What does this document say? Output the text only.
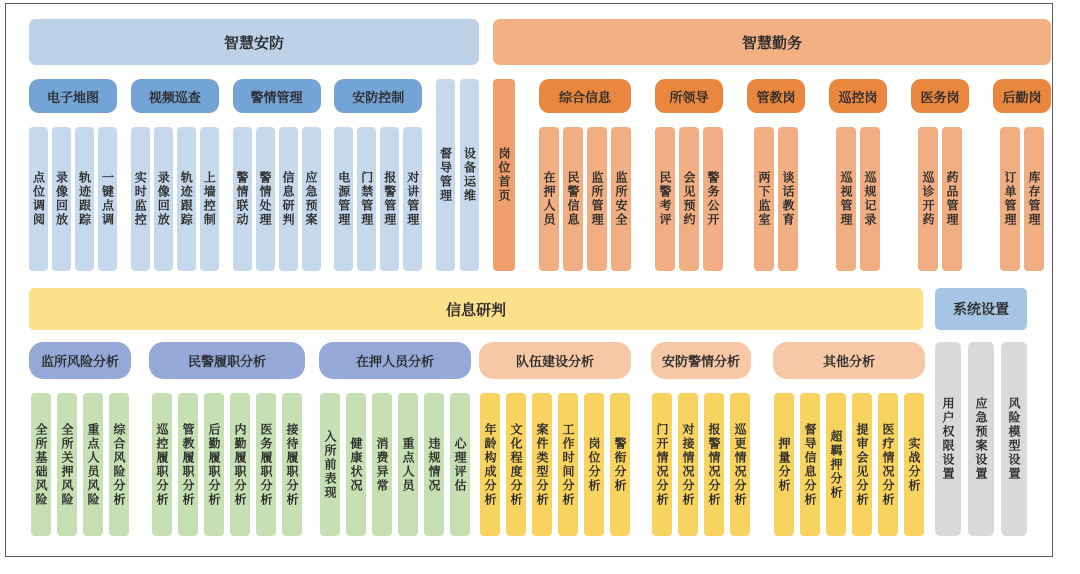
智慧安防
电子地图
点位调阅 录像回放 轨迹跟踪 一键点调
视频巡查
实时监控 录像回放 轨迹跟踪 上墙控制
警情管理
警情联动 警情处理 信息研判 应急预案
安防控制
电源管理 门禁管理 报警管理 对讲管理 督导管理 设备运维
智慧勤务
岗位首页
综合信息
在押人员 民警信息 监所管理 监所安全
所领导
民警考评 会见预约 警务公开
管教岗
两下监室 谈话教育
巡控岗
巡视管理 巡规记录
医务岗
巡诊开药 药品管理
后勤岗
订单管理 库存管理
信息研判	系统设置
监所风险分析
全所基础风险 全所关押风险 重点人员风险 综合风险分析
民警履职分析
巡控履职分析 管教履职分析 后勤履职分析 内勤履职分析 医务履职分析 接待履职分析
在押人员分析
入所前表现 健康状况 消费异常 重点人员 违规情况 心理评估
队伍建设分析
年龄构成分析 文化程度分析 案件类型分析 工作时间分析 岗位分析 警衔分析
安防警情分析
门开情况分析 对接情况分析 报警情况分析 巡更情况分析
其他分析
押量分析 督导信息分析 超羁押分析 提审会见分析 医疗情况分析 实战分析	用户权限设置	应急预案设置	风险模型设置
